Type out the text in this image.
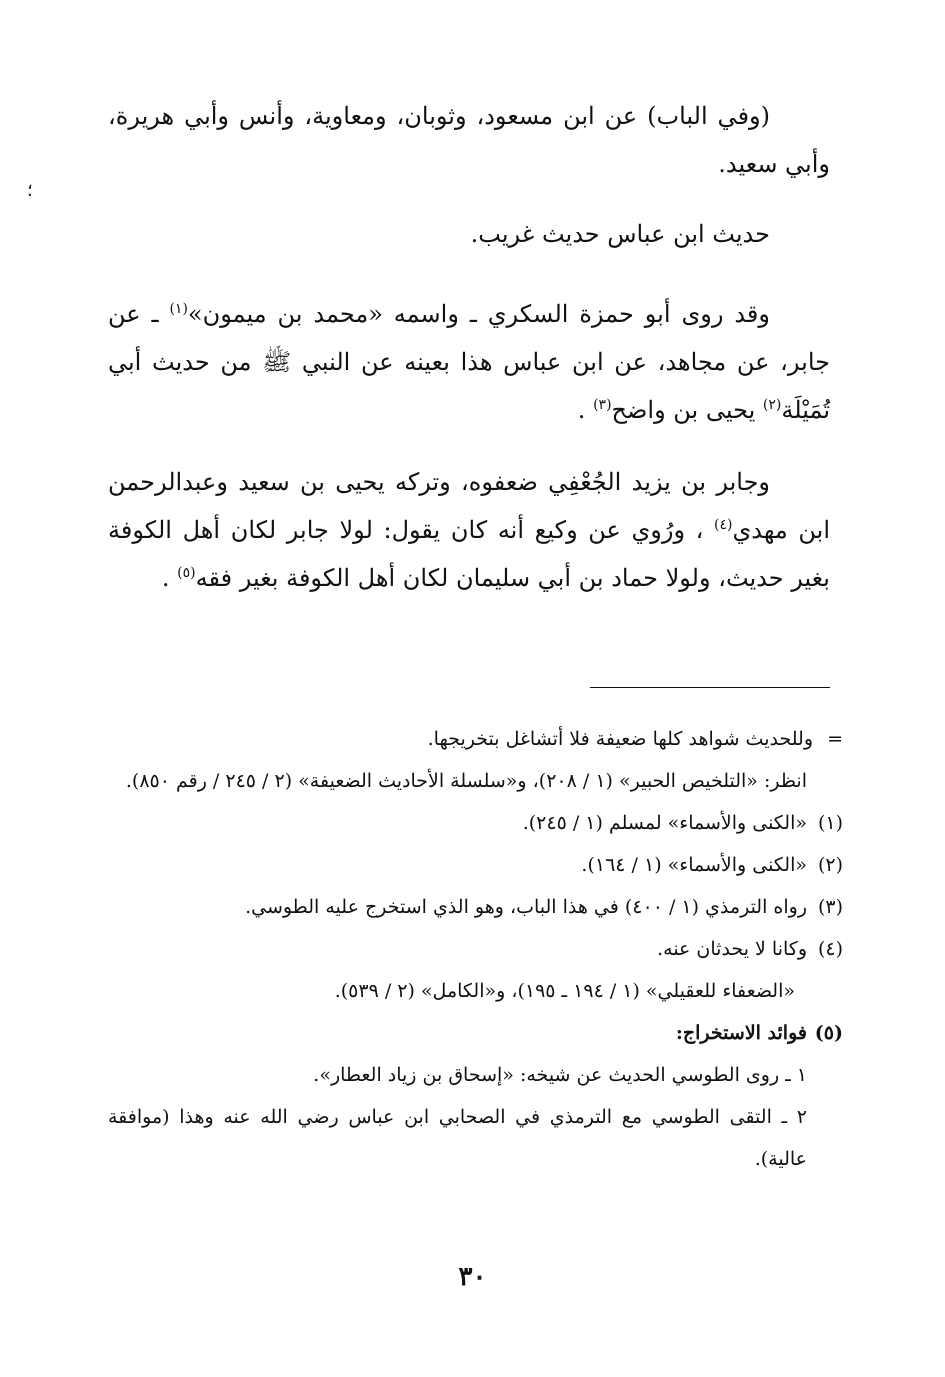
؛

(وفي الباب) عن ابن مسعود، وثوبان، ومعاوية، وأنس وأبي هريرة، وأبي سعيد.

حديث ابن عباس حديث غريب.

وقد روى أبو حمزة السكري ـ واسمه «محمد بن ميمون»$^{(١)}$ ـ عن جابر، عن مجاهد، عن ابن عباس هذا بعينه عن النبي ﷺ من حديث أبي تُمَيْلَة$^{(٢)}$ يحيى بن واضح$^{(٣)}$ .

وجابر بن يزيد الجُعْفِي ضعفوه، وتركه يحيى بن سعيد وعبدالرحمن ابن مهدي$^{(٤)}$ ، ورُوي عن وكيع أنه كان يقول: لولا جابر لكان أهل الكوفة بغير حديث، ولولا حماد بن أبي سليمان لكان أهل الكوفة بغير فقه$^{(٥)}$ .

=وللحديث شواهد كلها ضعيفة فلا أتشاغل بتخريجها.

انظر: «التلخيص الحبير» (١ / ٢٠٨)، و«سلسلة الأحاديث الضعيفة» (٢ / ٢٤٥ / رقم ٨٥٠).

(١)«الكنى والأسماء» لمسلم (١ / ٢٤٥).

(٢)«الكنى والأسماء» (١ / ١٦٤).

(٣)رواه الترمذي (١ / ٤٠٠) في هذا الباب، وهو الذي استخرج عليه الطوسي.

(٤)وكانا لا يحدثان عنه.

«الضعفاء للعقيلي» (١ / ١٩٤ ـ ١٩٥)، و«الكامل» (٢ / ٥٣٩).

(٥)فوائد الاستخراج:

١ ـ روى الطوسي الحديث عن شيخه: «إسحاق بن زياد العطار».

٢ ـ التقى الطوسي مع الترمذي في الصحابي ابن عباس رضي الله عنه وهذا (موافقة عالية).

٣٠
